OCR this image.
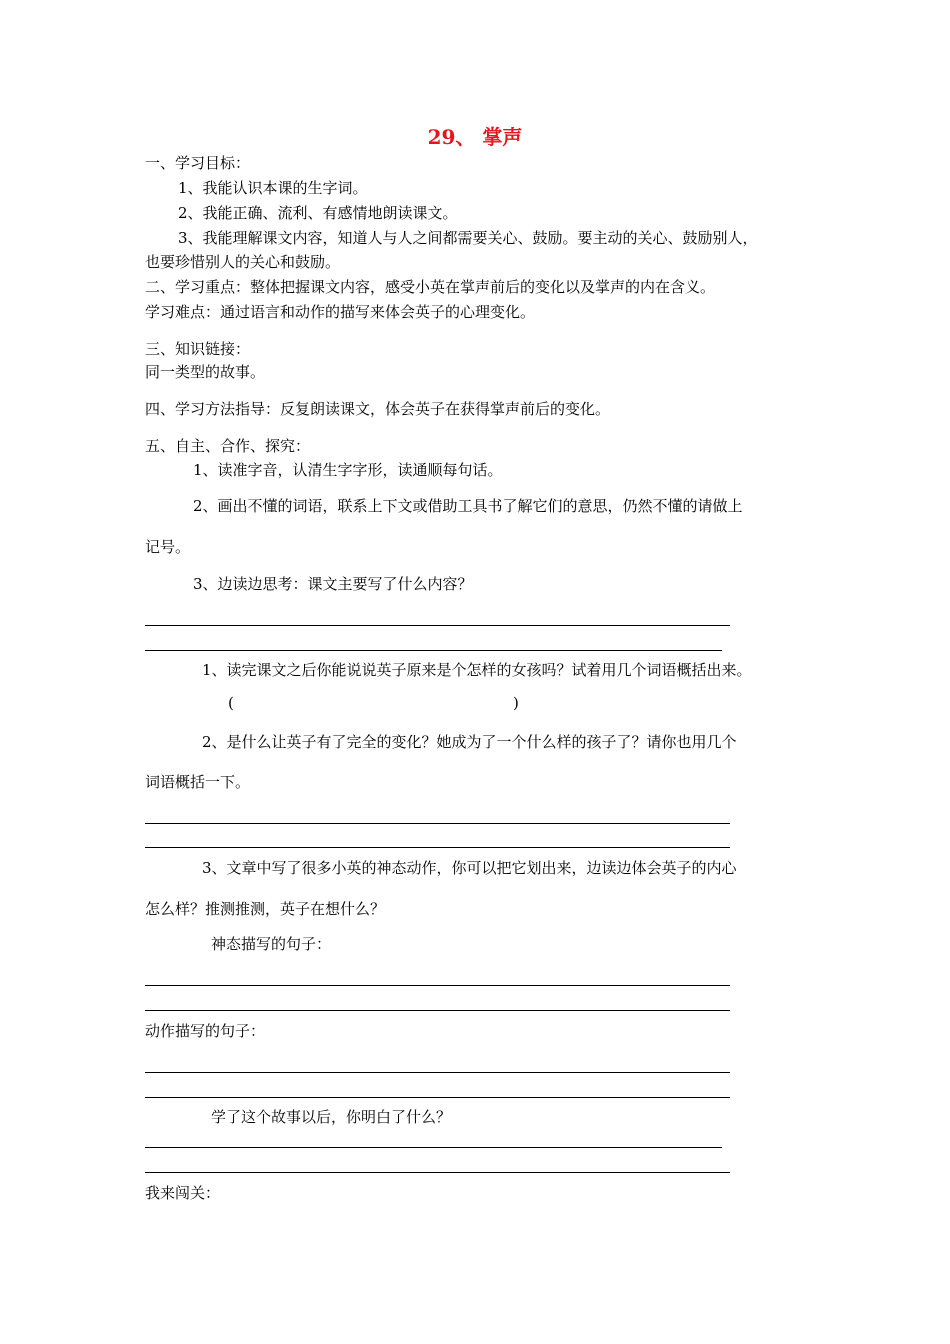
29、 掌声
一、学习目标：
1、我能认识本课的生字词。
2、我能正确、流利、有感情地朗读课文。
3、我能理解课文内容，知道人与人之间都需要关心、鼓励。要主动的关心、鼓励别人，
也要珍惜别人的关心和鼓励。
二、学习重点：整体把握课文内容，感受小英在掌声前后的变化以及掌声的内在含义。
学习难点：通过语言和动作的描写来体会英子的心理变化。
三、知识链接：
同一类型的故事。
四、学习方法指导：反复朗读课文，体会英子在获得掌声前后的变化。
五、自主、合作、探究：
1、读准字音，认清生字字形，读通顺每句话。
2、画出不懂的词语，联系上下文或借助工具书了解它们的意思，仍然不懂的请做上
记号。
3、边读边思考：课文主要写了什么内容？
1、读完课文之后你能说说英子原来是个怎样的女孩吗？试着用几个词语概括出来。
(	)
2、是什么让英子有了完全的变化？她成为了一个什么样的孩子了？请你也用几个
词语概括一下。
3、文章中写了很多小英的神态动作，你可以把它划出来，边读边体会英子的内心
怎么样？推测推测，英子在想什么？
神态描写的句子：
动作描写的句子：
学了这个故事以后，你明白了什么？
我来闯关：
